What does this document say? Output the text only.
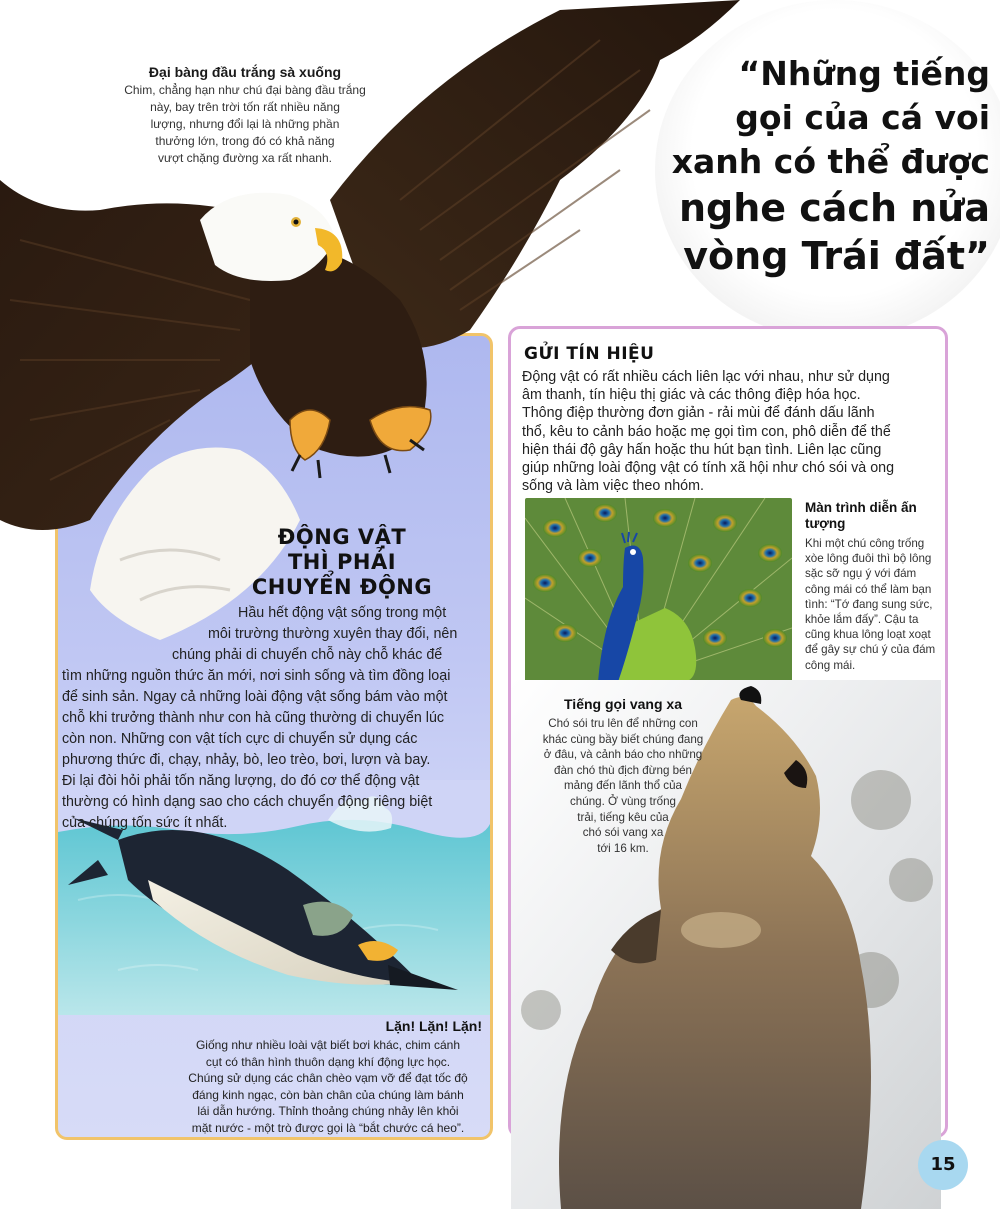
Đại bàng đầu trắng sà xuống

Chim, chẳng hạn như chú đại bàng đầu trắng
này, bay trên trời tốn rất nhiều năng
lượng, nhưng đổi lại là những phần
thưởng lớn, trong đó có khả năng
vượt chặng đường xa rất nhanh.

“Những tiếng
gọi của cá voi
xanh có thể được
nghe cách nửa
vòng Trái đất”
ĐỘNG VẬT
THÌ PHẢI
CHUYỂN ĐỘNG
Hầu hết động vật sống trong một
môi trường thường xuyên thay đổi, nên
chúng phải di chuyển chỗ này chỗ khác để
tìm những nguồn thức ăn mới, nơi sinh sống và tìm đồng loại
để sinh sản. Ngay cả những loài động vật sống bám vào một
chỗ khi trưởng thành như con hà cũng thường di chuyển lúc
còn non. Những con vật tích cực di chuyển sử dụng các
phương thức đi, chạy, nhảy, bò, leo trèo, bơi, lượn và bay.
Đi lại đòi hỏi phải tốn năng lượng, do đó cơ thể động vật
thường có hình dạng sao cho cách chuyển động riêng biệt
của chúng tốn sức ít nhất.
Lặn! Lặn! Lặn!

Giống như nhiều loài vật biết bơi khác, chim cánh
cụt có thân hình thuôn dạng khí động lực học.
Chúng sử dụng các chân chèo vạm vỡ để đạt tốc độ
đáng kinh ngạc, còn bàn chân của chúng làm bánh
lái dẫn hướng. Thỉnh thoảng chúng nhảy lên khỏi
mặt nước - một trò được gọi là “bắt chước cá heo”.

GỬI TÍN HIỆU
Động vật có rất nhiều cách liên lạc với nhau, như sử dụng
âm thanh, tín hiệu thị giác và các thông điệp hóa học.
Thông điệp thường đơn giản - rải mùi để đánh dấu lãnh
thổ, kêu to cảnh báo hoặc mẹ gọi tìm con, phô diễn để thể
hiện thái độ gây hấn hoặc thu hút bạn tình. Liên lạc cũng
giúp những loài động vật có tính xã hội như chó sói và ong
sống và làm việc theo nhóm.
Màn trình diễn ấn tượng

Khi một chú công trống xòe lông đuôi thì bộ lông sặc sỡ ngụ ý với đám công mái có thể làm bạn tình: “Tớ đang sung sức, khỏe lắm đấy”. Cậu ta cũng khua lông loạt xoạt để gây sự chú ý của đám công mái.

Tiếng gọi vang xa

Chó sói tru lên để những con
khác cùng bầy biết chúng đang
ở đâu, và cảnh báo cho những
đàn chó thù địch đừng bén
mảng đến lãnh thổ của
chúng. Ở vùng trống
trải, tiếng kêu của
chó sói vang xa
tới 16 km.

15
